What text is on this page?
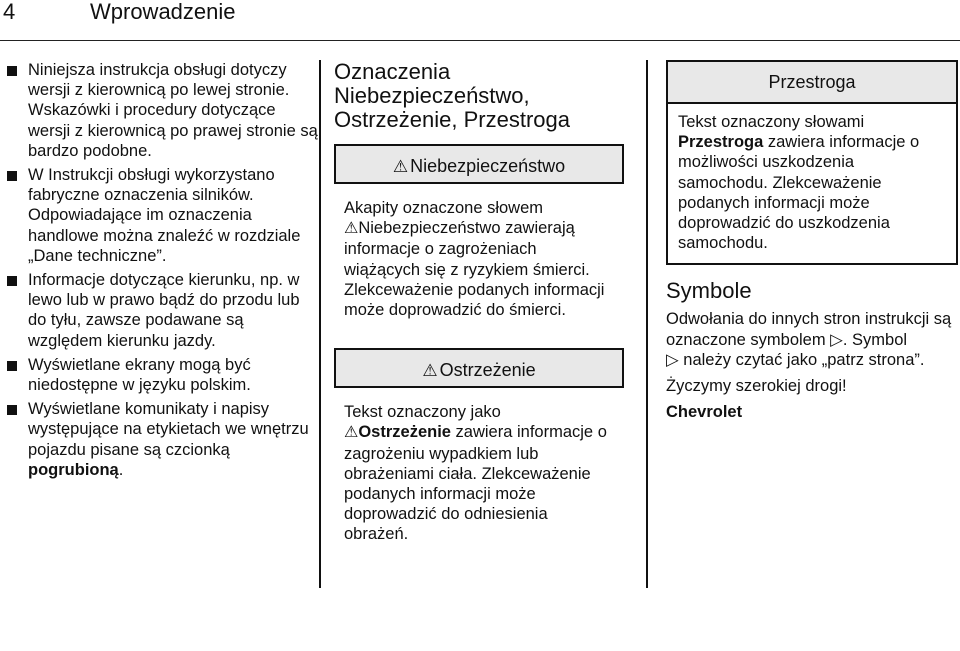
4	Wprowadzenie
Niniejsza instrukcja obsługi dotyczy wersji z kierownicą po lewej stronie. Wskazówki i procedury dotyczące wersji z kierownicą po prawej stronie są bardzo podobne.
W Instrukcji obsługi wykorzystano fabryczne oznaczenia silników. Odpowiadające im oznaczenia handlowe można znaleźć w rozdziale „Dane techniczne”.
Informacje dotyczące kierunku, np. w lewo lub w prawo bądź do przodu lub do tyłu, zawsze podawane są względem kierunku jazdy.
Wyświetlane ekrany mogą być niedostępne w języku polskim.
Wyświetlane komunikaty i napisy występujące na etykietach we wnętrzu pojazdu pisane są czcionką pogrubioną.
Oznaczenia Niebezpieczeństwo, Ostrzeżenie, Przestroga
⚠ Niebezpieczeństwo

Akapity oznaczone słowem
⚠Niebezpieczeństwo zawierają informacje o zagrożeniach wiążących się z ryzykiem śmierci. Zlekceważenie podanych informacji może doprowadzić do śmierci.

⚠ Ostrzeżenie

Tekst oznaczony jako
⚠Ostrzeżenie zawiera informacje o zagrożeniu wypadkiem lub obrażeniami ciała. Zlekceważenie podanych informacji może doprowadzić do odniesienia obrażeń.

Przestroga

Tekst oznaczony słowami
Przestroga zawiera informacje o możliwości uszkodzenia samochodu. Zlekceważenie podanych informacji może doprowadzić do uszkodzenia samochodu.

Symbole

Odwołania do innych stron instrukcji są oznaczone symbolem ▷. Symbol
▷ należy czytać jako „patrz strona”.

Życzymy szerokiej drogi!

Chevrolet
